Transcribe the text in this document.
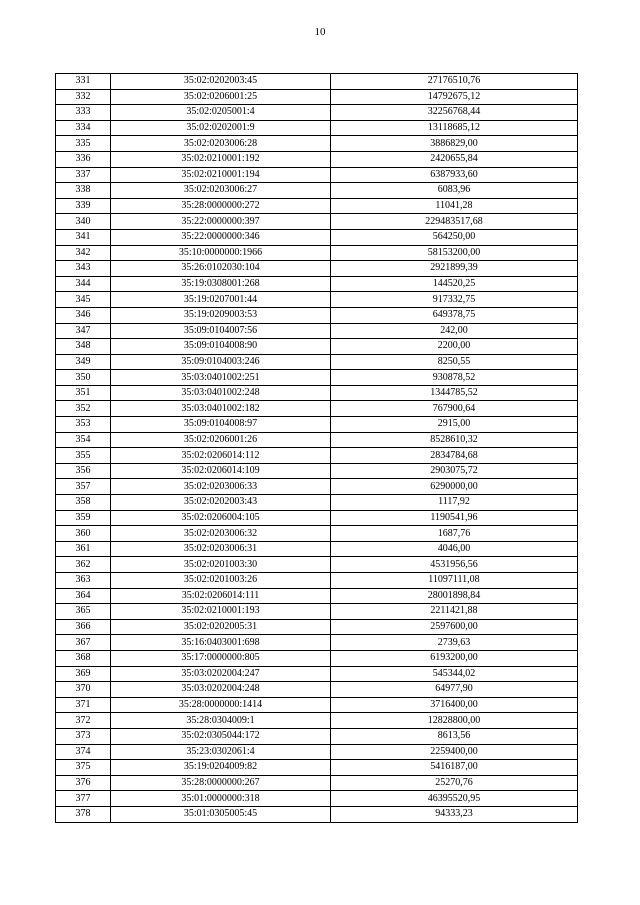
10
331	35:02:0202003:45	27176510,76
332	35:02:0206001:25	14792675,12
333	35:02:0205001:4	32256768,44
334	35:02:0202001:9	13118685,12
335	35:02:0203006:28	3886829,00
336	35:02:0210001:192	2420655,84
337	35:02:0210001:194	6387933,60
338	35:02:0203006:27	6083,96
339	35:28:0000000:272	11041,28
340	35:22:0000000:397	229483517,68
341	35:22:0000000:346	564250,00
342	35:10:0000000:1966	58153200,00
343	35:26:0102030:104	2921899,39
344	35:19:0308001:268	144520,25
345	35:19:0207001:44	917332,75
346	35:19:0209003:53	649378,75
347	35:09:0104007:56	242,00
348	35:09:0104008:90	2200,00
349	35:09:0104003:246	8250,55
350	35:03:0401002:251	930878,52
351	35:03:0401002:248	1344785,52
352	35:03:0401002:182	767900,64
353	35:09:0104008:97	2915,00
354	35:02:0206001:26	8528610,32
355	35:02:0206014:112	2834784,68
356	35:02:0206014:109	2903075,72
357	35:02:0203006:33	6290000,00
358	35:02:0202003:43	1117,92
359	35:02:0206004:105	1190541,96
360	35:02:0203006:32	1687,76
361	35:02:0203006:31	4046,00
362	35:02:0201003:30	4531956,56
363	35:02:0201003:26	11097111,08
364	35:02:0206014:111	28001898,84
365	35:02:0210001:193	2211421,88
366	35:02:0202005:31	2597600,00
367	35:16:0403001:698	2739,63
368	35:17:0000000:805	6193200,00
369	35:03:0202004:247	545344,02
370	35:03:0202004:248	64977,90
371	35:28:0000000:1414	3716400,00
372	35:28:0304009:1	12828800,00
373	35:02:0305044:172	8613,56
374	35:23:0302061:4	2259400,00
375	35:19:0204009:82	5416187,00
376	35:28:0000000:267	25270,76
377	35:01:0000000:318	46395520,95
378	35:01:0305005:45	94333,23
